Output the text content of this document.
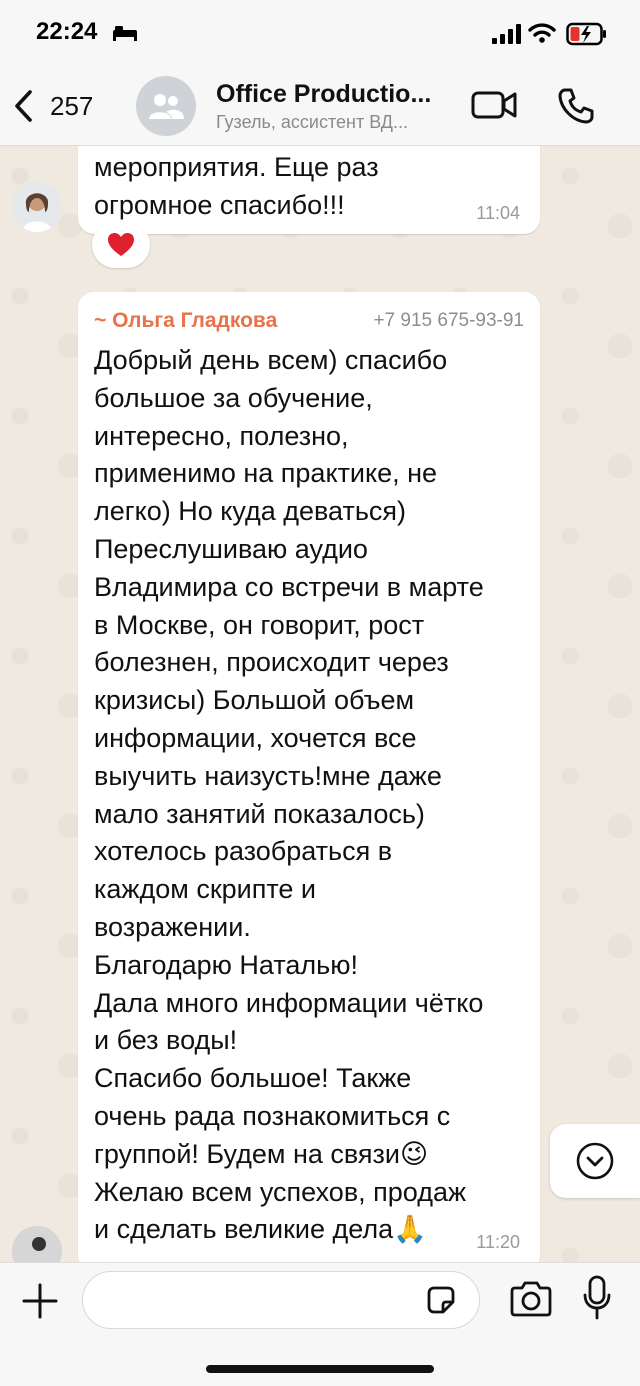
22:24
257	Office Productio...
Гузель, ассистент ВД...
мероприятия. Еще раз
огромное спасибо!!!	11:04
~ Ольга Гладкова	+7 915 675-93-91
Добрый день всем) спасибо
большое за обучение,
интересно, полезно,
применимо на практике, не
легко) Но куда деваться)
Переслушиваю аудио
Владимира со встречи в марте
в Москве, он говорит, рост
болезнен, происходит через
кризисы) Большой объем
информации, хочется все
выучить наизусть!мне даже
мало занятий показалось)
хотелось разобраться в
каждом скрипте и
возражении.
Благодарю Наталью!
Дала много информации чётко
и без воды!
Спасибо большое! Также
очень рада познакомиться с
группой! Будем на связи😉
Желаю всем успехов, продаж
и сделать великие дела🙏	11:20
